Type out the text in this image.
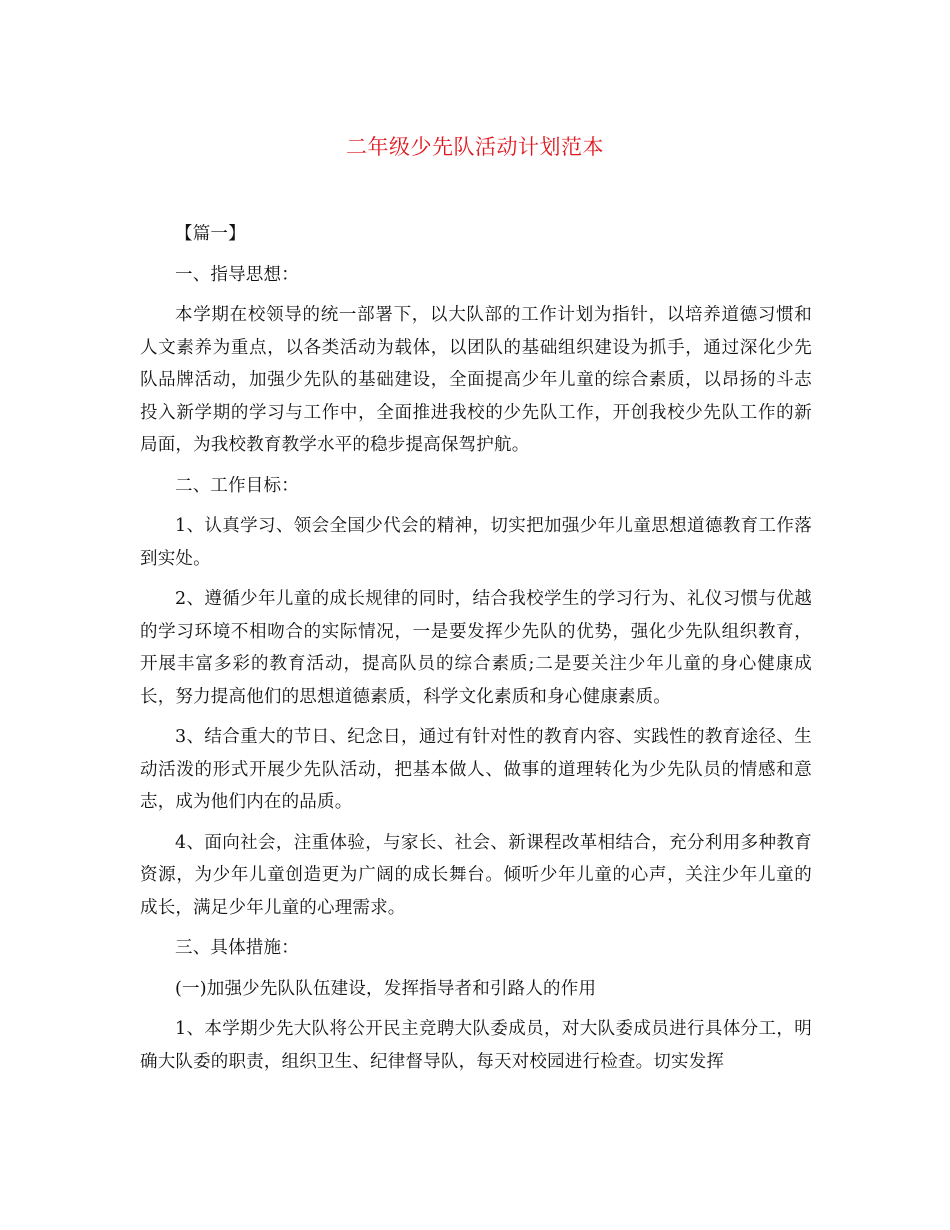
二年级少先队活动计划范本

【篇一】

一、指导思想：

本学期在校领导的统一部署下，以大队部的工作计划为指针，以培养道德习惯和人文素养为重点，以各类活动为载体，以团队的基础组织建设为抓手，通过深化少先队品牌活动，加强少先队的基础建设，全面提高少年儿童的综合素质，以昂扬的斗志投入新学期的学习与工作中，全面推进我校的少先队工作，开创我校少先队工作的新局面，为我校教育教学水平的稳步提高保驾护航。

二、工作目标：

1、认真学习、领会全国少代会的精神，切实把加强少年儿童思想道德教育工作落到实处。

2、遵循少年儿童的成长规律的同时，结合我校学生的学习行为、礼仪习惯与优越的学习环境不相吻合的实际情况，一是要发挥少先队的优势，强化少先队组织教育，开展丰富多彩的教育活动，提高队员的综合素质;二是要关注少年儿童的身心健康成长，努力提高他们的思想道德素质，科学文化素质和身心健康素质。

3、结合重大的节日、纪念日，通过有针对性的教育内容、实践性的教育途径、生动活泼的形式开展少先队活动，把基本做人、做事的道理转化为少先队员的情感和意志，成为他们内在的品质。

4、面向社会，注重体验，与家长、社会、新课程改革相结合，充分利用多种教育资源，为少年儿童创造更为广阔的成长舞台。倾听少年儿童的心声，关注少年儿童的成长，满足少年儿童的心理需求。

三、具体措施：

(一)加强少先队队伍建设，发挥指导者和引路人的作用

1、本学期少先大队将公开民主竞聘大队委成员，对大队委成员进行具体分工，明确大队委的职责，组织卫生、纪律督导队，每天对校园进行检查。切实发挥
